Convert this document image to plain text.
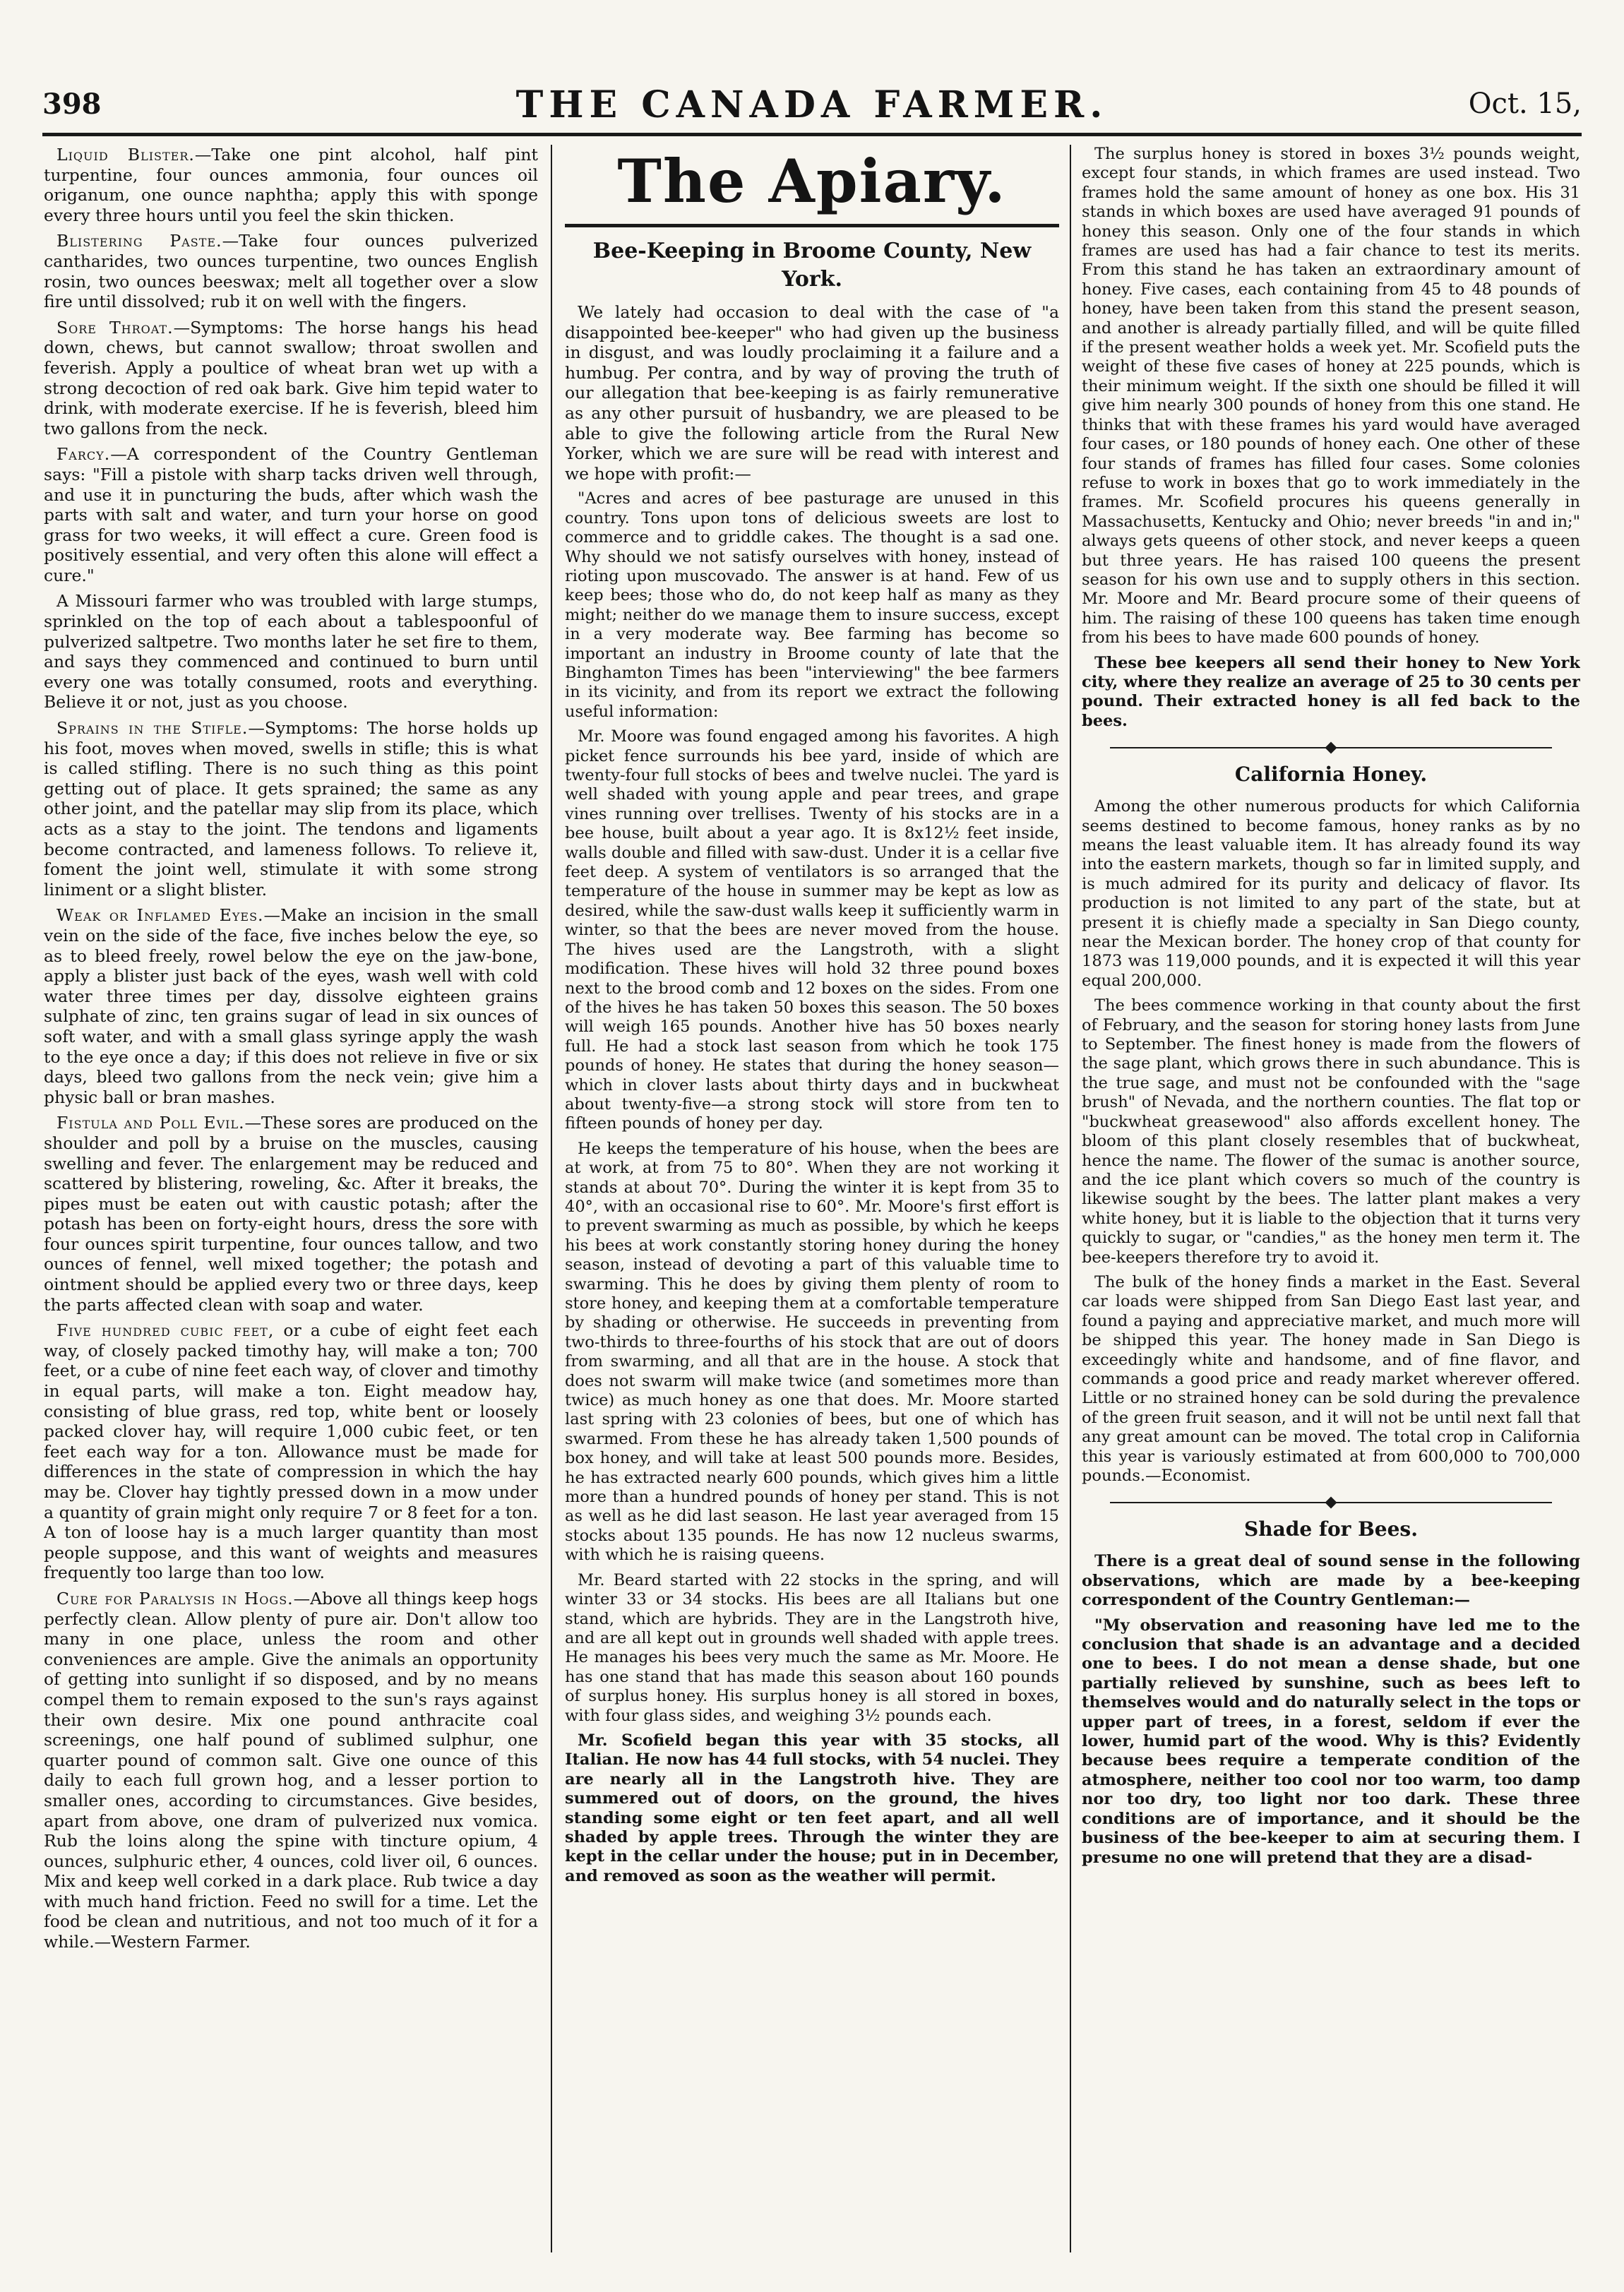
398	THE CANADA FARMER.	Oct. 15,

Liquid Blister.—Take one pint alcohol, half pint turpentine, four ounces ammonia, four ounces oil origanum, one ounce naphtha; apply this with sponge every three hours until you feel the skin thicken.

Blistering Paste.—Take four ounces pulverized cantharides, two ounces turpentine, two ounces English rosin, two ounces beeswax; melt all together over a slow fire until dissolved; rub it on well with the fingers.

Sore Throat.—Symptoms: The horse hangs his head down, chews, but cannot swallow; throat swollen and feverish. Apply a poultice of wheat bran wet up with a strong decoction of red oak bark. Give him tepid water to drink, with moderate exercise. If he is feverish, bleed him two gallons from the neck.

Farcy.—A correspondent of the Country Gentleman says: "Fill a pistole with sharp tacks driven well through, and use it in puncturing the buds, after which wash the parts with salt and water, and turn your horse on good grass for two weeks, it will effect a cure. Green food is positively essential, and very often this alone will effect a cure."

A Missouri farmer who was troubled with large stumps, sprinkled on the top of each about a tablespoonful of pulverized saltpetre. Two months later he set fire to them, and says they commenced and continued to burn until every one was totally consumed, roots and everything. Believe it or not, just as you choose.

Sprains in the Stifle.—Symptoms: The horse holds up his foot, moves when moved, swells in stifle; this is what is called stifling. There is no such thing as this point getting out of place. It gets sprained; the same as any other joint, and the patellar may slip from its place, which acts as a stay to the joint. The tendons and ligaments become contracted, and lameness follows. To relieve it, foment the joint well, stimulate it with some strong liniment or a slight blister.

Weak or Inflamed Eyes.—Make an incision in the small vein on the side of the face, five inches below the eye, so as to bleed freely, rowel below the eye on the jaw-bone, apply a blister just back of the eyes, wash well with cold water three times per day, dissolve eighteen grains sulphate of zinc, ten grains sugar of lead in six ounces of soft water, and with a small glass syringe apply the wash to the eye once a day; if this does not relieve in five or six days, bleed two gallons from the neck vein; give him a physic ball or bran mashes.

Fistula and Poll Evil.—These sores are produced on the shoulder and poll by a bruise on the muscles, causing swelling and fever. The enlargement may be reduced and scattered by blistering, roweling, &c. After it breaks, the pipes must be eaten out with caustic potash; after the potash has been on forty-eight hours, dress the sore with four ounces spirit turpentine, four ounces tallow, and two ounces of fennel, well mixed together; the potash and ointment should be applied every two or three days, keep the parts affected clean with soap and water.

Five hundred cubic feet, or a cube of eight feet each way, of closely packed timothy hay, will make a ton; 700 feet, or a cube of nine feet each way, of clover and timothy in equal parts, will make a ton. Eight meadow hay, consisting of blue grass, red top, white bent or loosely packed clover hay, will require 1,000 cubic feet, or ten feet each way for a ton. Allowance must be made for differences in the state of compression in which the hay may be. Clover hay tightly pressed down in a mow under a quantity of grain might only require 7 or 8 feet for a ton. A ton of loose hay is a much larger quantity than most people suppose, and this want of weights and measures frequently too large than too low.

Cure for Paralysis in Hogs.—Above all things keep hogs perfectly clean. Allow plenty of pure air. Don't allow too many in one place, unless the room and other conveniences are ample. Give the animals an opportunity of getting into sunlight if so disposed, and by no means compel them to remain exposed to the sun's rays against their own desire. Mix one pound anthracite coal screenings, one half pound of sublimed sulphur, one quarter pound of common salt. Give one ounce of this daily to each full grown hog, and a lesser portion to smaller ones, according to circumstances. Give besides, apart from above, one dram of pulverized nux vomica. Rub the loins along the spine with tincture opium, 4 ounces, sulphuric ether, 4 ounces, cold liver oil, 6 ounces. Mix and keep well corked in a dark place. Rub twice a day with much hand friction. Feed no swill for a time. Let the food be clean and nutritious, and not too much of it for a while.—Western Farmer.

The Apiary.
Bee-Keeping in Broome County, New York.

We lately had occasion to deal with the case of "a disappointed bee-keeper" who had given up the business in disgust, and was loudly proclaiming it a failure and a humbug. Per contra, and by way of proving the truth of our allegation that bee-keeping is as fairly remunerative as any other pursuit of husbandry, we are pleased to be able to give the following article from the Rural New Yorker, which we are sure will be read with interest and we hope with profit:—

"Acres and acres of bee pasturage are unused in this country. Tons upon tons of delicious sweets are lost to commerce and to griddle cakes. The thought is a sad one. Why should we not satisfy ourselves with honey, instead of rioting upon muscovado. The answer is at hand. Few of us keep bees; those who do, do not keep half as many as they might; neither do we manage them to insure success, except in a very moderate way. Bee farming has become so important an industry in Broome county of late that the Binghamton Times has been "interviewing" the bee farmers in its vicinity, and from its report we extract the following useful information:

Mr. Moore was found engaged among his favorites. A high picket fence surrounds his bee yard, inside of which are twenty-four full stocks of bees and twelve nuclei. The yard is well shaded with young apple and pear trees, and grape vines running over trellises. Twenty of his stocks are in a bee house, built about a year ago. It is 8x12½ feet inside, walls double and filled with saw-dust. Under it is a cellar five feet deep. A system of ventilators is so arranged that the temperature of the house in summer may be kept as low as desired, while the saw-dust walls keep it sufficiently warm in winter, so that the bees are never moved from the house. The hives used are the Langstroth, with a slight modification. These hives will hold 32 three pound boxes next to the brood comb and 12 boxes on the sides. From one of the hives he has taken 50 boxes this season. The 50 boxes will weigh 165 pounds. Another hive has 50 boxes nearly full. He had a stock last season from which he took 175 pounds of honey. He states that during the honey season—which in clover lasts about thirty days and in buckwheat about twenty-five—a strong stock will store from ten to fifteen pounds of honey per day.

He keeps the temperature of his house, when the bees are at work, at from 75 to 80°. When they are not working it stands at about 70°. During the winter it is kept from 35 to 40°, with an occasional rise to 60°. Mr. Moore's first effort is to prevent swarming as much as possible, by which he keeps his bees at work constantly storing honey during the honey season, instead of devoting a part of this valuable time to swarming. This he does by giving them plenty of room to store honey, and keeping them at a comfortable temperature by shading or otherwise. He succeeds in preventing from two-thirds to three-fourths of his stock that are out of doors from swarming, and all that are in the house. A stock that does not swarm will make twice (and sometimes more than twice) as much honey as one that does. Mr. Moore started last spring with 23 colonies of bees, but one of which has swarmed. From these he has already taken 1,500 pounds of box honey, and will take at least 500 pounds more. Besides, he has extracted nearly 600 pounds, which gives him a little more than a hundred pounds of honey per stand. This is not as well as he did last season. He last year averaged from 15 stocks about 135 pounds. He has now 12 nucleus swarms, with which he is raising queens.

Mr. Beard started with 22 stocks in the spring, and will winter 33 or 34 stocks. His bees are all Italians but one stand, which are hybrids. They are in the Langstroth hive, and are all kept out in grounds well shaded with apple trees. He manages his bees very much the same as Mr. Moore. He has one stand that has made this season about 160 pounds of surplus honey. His surplus honey is all stored in boxes, with four glass sides, and weighing 3½ pounds each.

Mr. Scofield began this year with 35 stocks, all Italian. He now has 44 full stocks, with 54 nuclei. They are nearly all in the Langstroth hive. They are summered out of doors, on the ground, the hives standing some eight or ten feet apart, and all well shaded by apple trees. Through the winter they are kept in the cellar under the house; put in in December, and removed as soon as the weather will permit.

The surplus honey is stored in boxes 3½ pounds weight, except four stands, in which frames are used instead. Two frames hold the same amount of honey as one box. His 31 stands in which boxes are used have averaged 91 pounds of honey this season. Only one of the four stands in which frames are used has had a fair chance to test its merits. From this stand he has taken an extraordinary amount of honey. Five cases, each containing from 45 to 48 pounds of honey, have been taken from this stand the present season, and another is already partially filled, and will be quite filled if the present weather holds a week yet. Mr. Scofield puts the weight of these five cases of honey at 225 pounds, which is their minimum weight. If the sixth one should be filled it will give him nearly 300 pounds of honey from this one stand. He thinks that with these frames his yard would have averaged four cases, or 180 pounds of honey each. One other of these four stands of frames has filled four cases. Some colonies refuse to work in boxes that go to work immediately in the frames. Mr. Scofield procures his queens generally in Massachusetts, Kentucky and Ohio; never breeds "in and in;" always gets queens of other stock, and never keeps a queen but three years. He has raised 100 queens the present season for his own use and to supply others in this section. Mr. Moore and Mr. Beard procure some of their queens of him. The raising of these 100 queens has taken time enough from his bees to have made 600 pounds of honey.

These bee keepers all send their honey to New York city, where they realize an average of 25 to 30 cents per pound. Their extracted honey is all fed back to the bees.

California Honey.

Among the other numerous products for which California seems destined to become famous, honey ranks as by no means the least valuable item. It has already found its way into the eastern markets, though so far in limited supply, and is much admired for its purity and delicacy of flavor. Its production is not limited to any part of the state, but at present it is chiefly made a specialty in San Diego county, near the Mexican border. The honey crop of that county for 1873 was 119,000 pounds, and it is expected it will this year equal 200,000.

The bees commence working in that county about the first of February, and the season for storing honey lasts from June to September. The finest honey is made from the flowers of the sage plant, which grows there in such abundance. This is the true sage, and must not be confounded with the "sage brush" of Nevada, and the northern counties. The flat top or "buckwheat greasewood" also affords excellent honey. The bloom of this plant closely resembles that of buckwheat, hence the name. The flower of the sumac is another source, and the ice plant which covers so much of the country is likewise sought by the bees. The latter plant makes a very white honey, but it is liable to the objection that it turns very quickly to sugar, or "candies," as the honey men term it. The bee-keepers therefore try to avoid it.

The bulk of the honey finds a market in the East. Several car loads were shipped from San Diego East last year, and found a paying and appreciative market, and much more will be shipped this year. The honey made in San Diego is exceedingly white and handsome, and of fine flavor, and commands a good price and ready market wherever offered. Little or no strained honey can be sold during the prevalence of the green fruit season, and it will not be until next fall that any great amount can be moved. The total crop in California this year is variously estimated at from 600,000 to 700,000 pounds.—Economist.

Shade for Bees.

There is a great deal of sound sense in the following observations, which are made by a bee-keeping correspondent of the Country Gentleman:—

"My observation and reasoning have led me to the conclusion that shade is an advantage and a decided one to bees. I do not mean a dense shade, but one partially relieved by sunshine, such as bees left to themselves would and do naturally select in the tops or upper part of trees, in a forest, seldom if ever the lower, humid part of the wood. Why is this? Evidently because bees require a temperate condition of the atmosphere, neither too cool nor too warm, too damp nor too dry, too light nor too dark. These three conditions are of importance, and it should be the business of the bee-keeper to aim at securing them. I presume no one will pretend that they are a disad-
